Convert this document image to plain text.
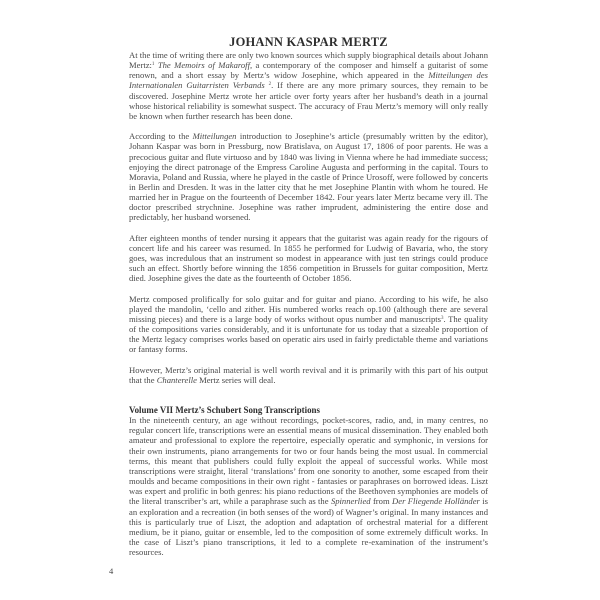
JOHANN KASPAR MERTZ

At the time of writing there are only two known sources which supply biographical details about Johann Mertz:$^1$ The Memoirs of Makaroff, a contemporary of the composer and himself a guitarist of some renown, and a short essay by Mertz’s widow Josephine, which appeared in the Mitteilungen des Internationalen Guitarristen Verbands $^2$. If there are any more primary sources, they remain to be discovered. Josephine Mertz wrote her article over forty years after her husband’s death in a journal whose historical reliability is somewhat suspect. The accuracy of Frau Mertz’s memory will only really be known when further research has been done.

According to the Mitteilungen introduction to Josephine’s article (presumably written by the editor), Johann Kaspar was born in Pressburg, now Bratislava, on August 17, 1806 of poor parents. He was a precocious guitar and flute virtuoso and by 1840 was living in Vienna where he had immediate success; enjoying the direct patronage of the Empress Caroline Augusta and performing in the capital. Tours to Moravia, Poland and Russia, where he played in the castle of Prince Urosoff, were followed by concerts in Berlin and Dresden. It was in the latter city that he met Josephine Plantin with whom he toured. He married her in Prague on the fourteenth of December 1842. Four years later Mertz became very ill. The doctor prescribed strychnine. Josephine was rather imprudent, administering the entire dose and predictably, her husband worsened.

After eighteen months of tender nursing it appears that the guitarist was again ready for the rigours of concert life and his career was resumed. In 1855 he performed for Ludwig of Bavaria, who, the story goes, was incredulous that an instrument so modest in appearance with just ten strings could produce such an effect. Shortly before winning the 1856 competition in Brussels for guitar composition, Mertz died. Josephine gives the date as the fourteenth of October 1856.

Mertz composed prolifically for solo guitar and for guitar and piano. According to his wife, he also played the mandolin, ‘cello and zither. His numbered works reach op.100 (although there are several missing pieces) and there is a large body of works without opus number and manuscripts$^3$. The quality of the compositions varies considerably, and it is unfortunate for us today that a sizeable proportion of the Mertz legacy comprises works based on operatic airs used in fairly predictable theme and variations or fantasy forms.

However, Mertz’s original material is well worth revival and it is primarily with this part of his output that the Chanterelle Mertz series will deal.

Volume VII Mertz’s Schubert Song Transcriptions

In the nineteenth century, an age without recordings, pocket-scores, radio, and, in many centres, no regular concert life, transcriptions were an essential means of musical dissemination. They enabled both amateur and professional to explore the repertoire, especially operatic and symphonic, in versions for their own instruments, piano arrangements for two or four hands being the most usual. In commercial terms, this meant that publishers could fully exploit the appeal of successful works. While most transcriptions were straight, literal ‘translations’ from one sonority to another, some escaped from their moulds and became compositions in their own right - fantasies or paraphrases on borrowed ideas. Liszt was expert and prolific in both genres: his piano reductions of the Beethoven symphonies are models of the literal transcriber’s art, while a paraphrase such as the Spinnerlied from Der Fliegende Holländer is an exploration and a recreation (in both senses of the word) of Wagner’s original. In many instances and this is particularly true of Liszt, the adoption and adaptation of orchestral material for a different medium, be it piano, guitar or ensemble, led to the composition of some extremely difficult works. In the case of Liszt’s piano transcriptions, it led to a complete re-examination of the instrument’s resources.

4
